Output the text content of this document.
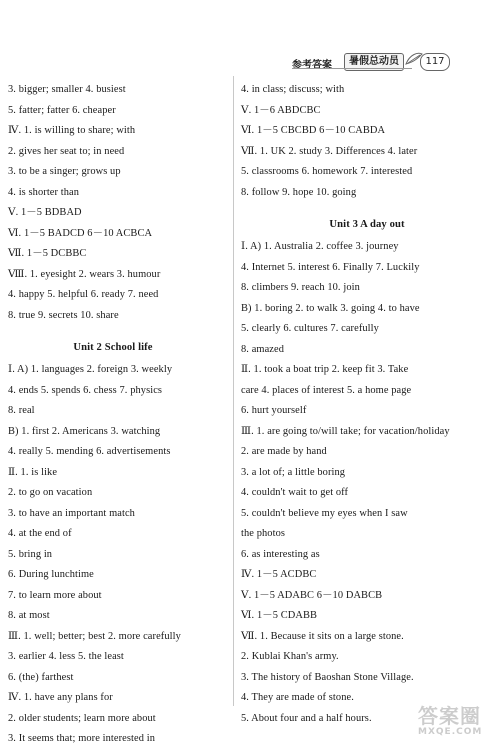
参考答案	暑假总动员	117
3. bigger; smaller 4. busiest
5. fatter; fatter 6. cheaper
Ⅳ. 1. is willing to share; with
2. gives her seat to; in need
3. to be a singer; grows up
4. is shorter than
Ⅴ. 1－5 BDBAD
Ⅵ. 1－5 BADCD 6－10 ACBCA
Ⅶ. 1－5 DCBBC
Ⅷ. 1. eyesight 2. wears 3. humour
4. happy 5. helpful 6. ready 7. need
8. true 9. secrets 10. share
Unit 2 School life
Ⅰ. A) 1. languages 2. foreign 3. weekly
4. ends 5. spends 6. chess 7. physics
8. real
B) 1. first 2. Americans 3. watching
4. really 5. mending 6. advertisements
Ⅱ. 1. is like
2. to go on vacation
3. to have an important match
4. at the end of
5. bring in
6. During lunchtime
7. to learn more about
8. at most
Ⅲ. 1. well; better; best 2. more carefully
3. earlier 4. less 5. the least
6. (the) farthest
Ⅳ. 1. have any plans for
2. older students; learn more about
3. It seems that; more interested in
4. in class; discuss; with
Ⅴ. 1－6 ABDCBC
Ⅵ. 1－5 CBCBD 6－10 CABDA
Ⅶ. 1. UK 2. study 3. Differences 4. later
5. classrooms 6. homework 7. interested
8. follow 9. hope 10. going
Unit 3 A day out
Ⅰ. A) 1. Australia 2. coffee 3. journey
4. Internet 5. interest 6. Finally 7. Luckily
8. climbers 9. reach 10. join
B) 1. boring 2. to walk 3. going 4. to have
5. clearly 6. cultures 7. carefully
8. amazed
Ⅱ. 1. took a boat trip 2. keep fit 3. Take
care 4. places of interest 5. a home page
6. hurt yourself
Ⅲ. 1. are going to/will take; for vacation/holiday
2. are made by hand
3. a lot of; a little boring
4. couldn't wait to get off
5. couldn't believe my eyes when I saw
the photos
6. as interesting as
Ⅳ. 1－5 ACDBC
Ⅴ. 1－5 ADABC 6－10 DABCB
Ⅵ. 1－5 CDABB
Ⅶ. 1. Because it sits on a large stone.
2. Kublai Khan's army.
3. The history of Baoshan Stone Village.
4. They are made of stone.
5. About four and a half hours.	答案圈
MXQE.COM
